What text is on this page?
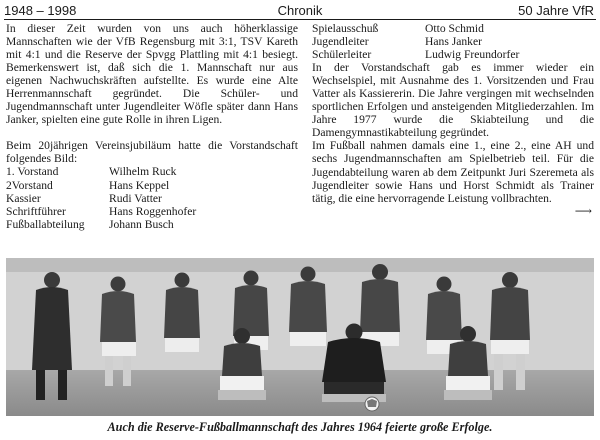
1948 – 1998	Chronik	50 Jahre VfR

In dieser Zeit wurden von uns auch höherklassige Mannschaften wie der VfB Regensburg mit 3:1, TSV Kareth mit 4:1 und die Reserve der Spvgg Plattling mit 4:1 besiegt. Bemerkenswert ist, daß sich die 1. Mannschaft nur aus eigenen Nachwuchskräften aufstellte. Es wurde eine Alte Herrenmannschaft gegründet. Die Schüler- und Jugendmannschaft unter Jugendleiter Wöfle später dann Hans Janker, spielten eine gute Rolle in ihren Ligen.

Beim 20jährigen Vereinsjubiläum hatte die Vorstandschaft folgendes Bild:

1. Vorstand	Wilhelm Ruck
2Vorstand	Hans Keppel
Kassier	Rudi Vatter
Schriftführer	Hans Roggenhofer
Fußballabteilung	Johann Busch
Spielausschuß	Otto Schmid
Jugendleiter	Hans Janker
Schülerleiter	Ludwig Freundorfer

In der Vorstandschaft gab es immer wieder ein Wechselspiel, mit Ausnahme des 1. Vorsitzenden und Frau Vatter als Kassiererin. Die Jahre vergingen mit wechselnden sportlichen Erfolgen und ansteigenden Mitgliederzahlen. Im Jahre 1977 wurde die Skiabteilung und die Damengymnastikabteilung gegründet.

Im Fußball nahmen damals eine 1., eine 2., eine AH und sechs Jugendmannschaften am Spielbetrieb teil. Für die Jugendabteilung waren ab dem Zeitpunkt Juri Szeremeta als Jugendleiter sowie Hans und Horst Schmidt als Trainer tätig, die eine hervorragende Leistung vollbrachten.

⟶
Auch die Reserve-Fußballmannschaft des Jahres 1964 feierte große Erfolge.
